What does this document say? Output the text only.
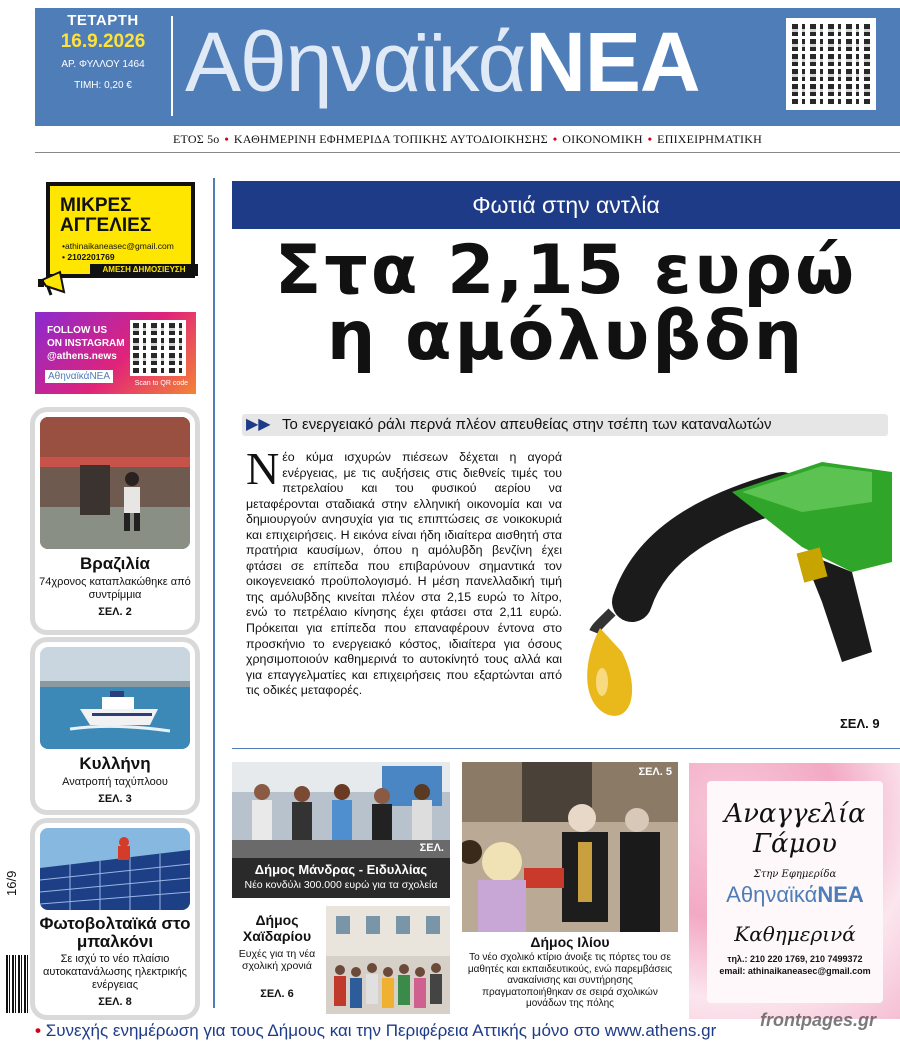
ΤΕΤΑΡΤΗ
16.9.2026
ΑΡ. ΦΥΛΛΟΥ 1464
ΤΙΜΗ: 0,20 € ΑθηναϊκάΝΕΑ
ΕΤΟΣ 5ο • ΚΑΘΗΜΕΡΙΝΗ ΕΦΗΜΕΡΙΔΑ ΤΟΠΙΚΗΣ ΑΥΤΟΔΙΟΙΚΗΣΗΣ • ΟΙΚΟΝΟΜΙΚΗ • ΕΠΙΧΕΙΡΗΜΑΤΙΚΗ
ΜΙΚΡΕΣ
ΑΓΓΕΛΙΕΣ
•athinaikaneasec@gmail.com
• 2102201769
ΑΜΕΣΗ ΔΗΜΟΣΙΕΥΣΗ
FOLLOW US
ON INSTAGRAM
@athens.news
ΑθηναϊκάΝΕΑ
Scan to QR code
Βραζιλία
74χρονος καταπλακώθηκε από συντρίμμια
ΣΕΛ. 2
Κυλλήνη
Ανατροπή ταχύπλοου
ΣΕΛ. 3
Φωτοβολταϊκά στο μπαλκόνι
Σε ισχύ το νέο πλαίσιο αυτοκατανάλωσης ηλεκτρικής ενέργειας
ΣΕΛ. 8
Φωτιά στην αντλία
Στα 2,15 ευρώ
η αμόλυβδη
▶▶ Το ενεργειακό ράλι περνά πλέον απευθείας στην τσέπη των καταναλωτών
Νέο κύμα ισχυρών πιέσεων δέχεται η αγορά ενέργειας, με τις αυξήσεις στις διεθνείς τιμές του πετρελαίου και του φυσικού αερίου να μεταφέρονται σταδιακά στην ελληνική οικονομία και να δημιουργούν ανησυχία για τις επιπτώσεις σε νοικοκυριά και επιχειρήσεις. Η εικόνα είναι ήδη ιδιαίτερα αισθητή στα πρατήρια καυσίμων, όπου η αμόλυβδη βενζίνη έχει φτάσει σε επίπεδα που επιβαρύνουν σημαντικά τον οικογενειακό προϋπολογισμό. Η μέση πανελλαδική τιμή της αμόλυβδης κινείται πλέον στα 2,15 ευρώ το λίτρο, ενώ το πετρέλαιο κίνησης έχει φτάσει στα 2,11 ευρώ. Πρόκειται για επίπεδα που επαναφέρουν έντονα στο προσκήνιο το ενεργειακό κόστος, ιδιαίτερα για όσους χρησιμοποιούν καθημερινά το αυτοκίνητό τους αλλά και για επαγγελματίες και επιχειρήσεις που εξαρτώνται από τις οδικές μεταφορές.
ΣΕΛ. 9
ΣΕΛ.
Δήμος Μάνδρας - Ειδυλλίας
Νέο κονδύλι 300.000 ευρώ για τα σχολεία
Δήμος
Χαϊδαρίου
Ευχές για τη νέα σχολική χρονιά
ΣΕΛ. 6
ΣΕΛ. 5
Δήμος Ιλίου
Το νέο σχολικό κτίριο άνοιξε τις πόρτες του σε μαθητές και εκπαιδευτικούς, ενώ παρεμβάσεις ανακαίνισης και συντήρησης πραγματοποιήθηκαν σε σειρά σχολικών μονάδων της πόλης
Αναγγελία
Γάμου
Στην Εφημερίδα
ΑθηναϊκάΝΕΑ
Καθημερινά
τηλ.: 210 220 1769, 210 7499372
email: athinaikaneasec@gmail.com
16/9
• Συνεχής ενημέρωση για τους Δήμους και την Περιφέρεια Αττικής μόνο στο www.athens.gr
frontpages.gr
